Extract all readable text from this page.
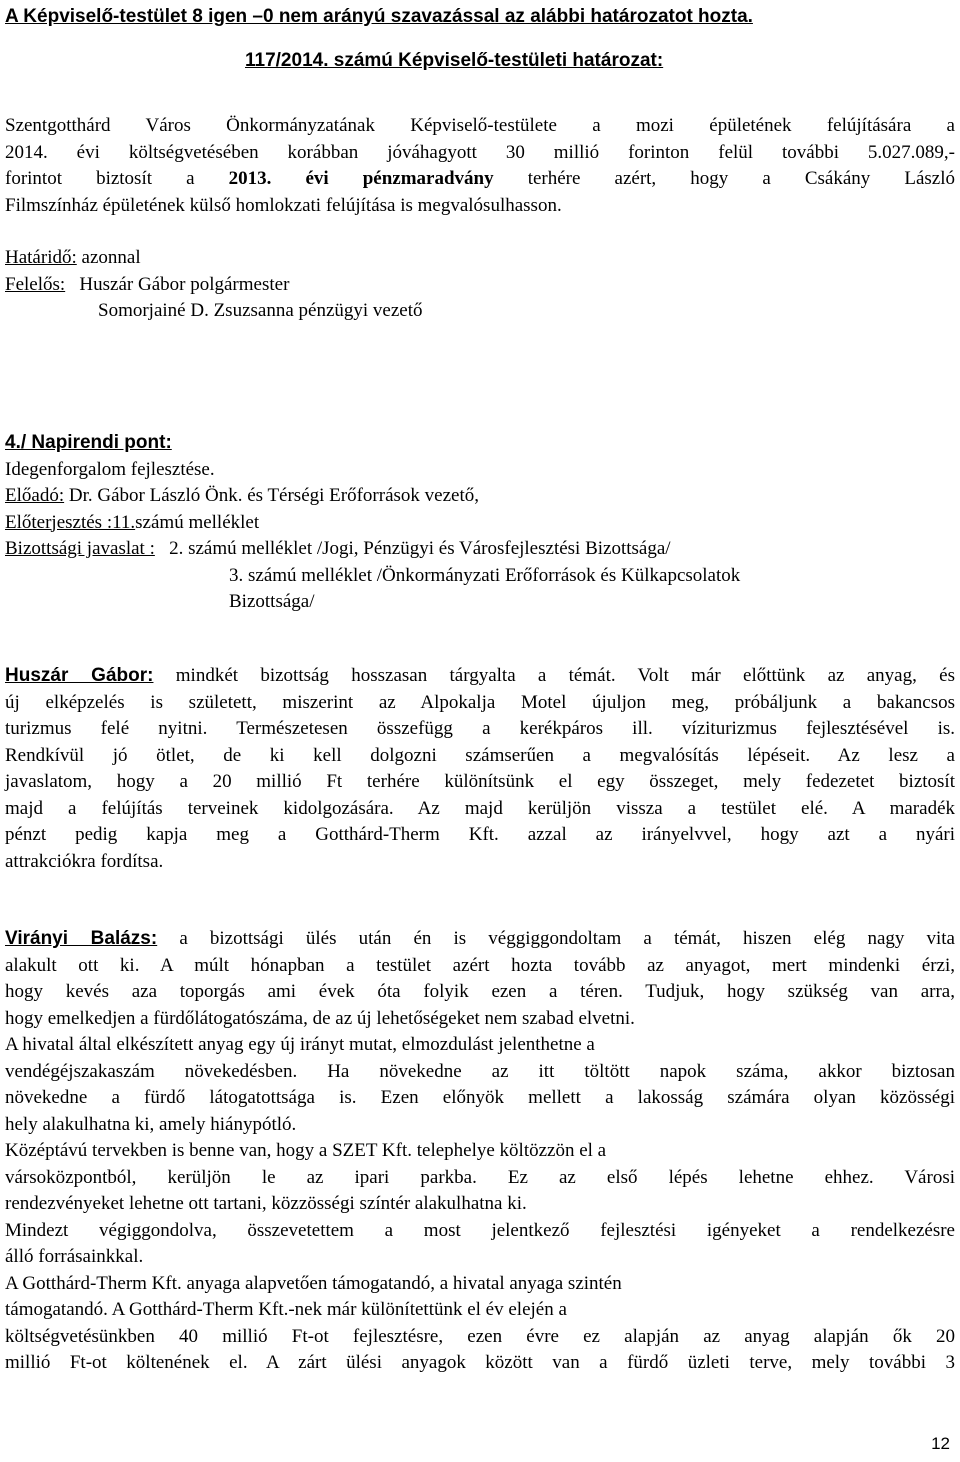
A Képviselő-testület 8 igen –0 nem arányú szavazással az alábbi határozatot hozta.

117/2014. számú Képviselő-testületi határozat:

Szentgotthárd Város Önkormányzatának Képviselő-testülete a mozi épületének felújítására a
2014. évi költségvetésében korábban jóváhagyott 30 millió forinton felül további 5.027.089,-
forintot biztosít a 2013. évi pénzmaradvány terhére azért, hogy a Csákány László
Filmszínház épületének külső homlokzati felújítása is megvalósulhasson.
Határidő: azonnal
Felelős: Huszár Gábor polgármester
Somorjainé D. Zsuzsanna pénzügyi vezető
4./ Napirendi pont:
Idegenforgalom fejlesztése.
Előadó: Dr. Gábor László Önk. és Térségi Erőforrások vezető,
Előterjesztés :11.számú melléklet
Bizottsági javaslat : 2. számú melléklet /Jogi, Pénzügyi és Városfejlesztési Bizottsága/
3. számú melléklet /Önkormányzati Erőforrások és Külkapcsolatok
Bizottsága/
Huszár Gábor: mindkét bizottság hosszasan tárgyalta a témát. Volt már előttünk az anyag, és
új elképzelés is született, miszerint az Alpokalja Motel újuljon meg, próbáljunk a bakancsos
turizmus felé nyitni. Természetesen összefügg a kerékpáros ill. víziturizmus fejlesztésével is.
Rendkívül jó ötlet, de ki kell dolgozni számserűen a megvalósítás lépéseit. Az lesz a
javaslatom, hogy a 20 millió Ft terhére különítsünk el egy összeget, mely fedezetet biztosít
majd a felújítás terveinek kidolgozására. Az majd kerüljön vissza a testület elé. A maradék
pénzt pedig kapja meg a Gotthárd-Therm Kft. azzal az irányelvvel, hogy azt a nyári
attrakciókra fordítsa.
Virányi Balázs: a bizottsági ülés után én is véggiggondoltam a témát, hiszen elég nagy vita
alakult ott ki. A múlt hónapban a testület azért hozta tovább az anyagot, mert mindenki érzi,
hogy kevés aza toporgás ami évek óta folyik ezen a téren. Tudjuk, hogy szükség van arra,
hogy emelkedjen a fürdőlátogatószáma, de az új lehetőségeket nem szabad elvetni.
A hivatal által elkészített anyag egy új irányt mutat, elmozdulást jelenthetne a
vendégéjszakaszám növekedésben. Ha növekedne az itt töltött napok száma, akkor biztosan
növekedne a fürdő látogatottsága is. Ezen előnyök mellett a lakosság számára olyan közösségi
hely alakulhatna ki, amely hiánypótló.
Középtávú tervekben is benne van, hogy a SZET Kft. telephelye költözzön el a
vársoközpontból, kerüljön le az ipari parkba. Ez az első lépés lehetne ehhez. Városi
rendezvényeket lehetne ott tartani, közzösségi színtér alakulhatna ki.
Mindezt végiggondolva, összevetettem a most jelentkező fejlesztési igényeket a rendelkezésre
álló forrásainkkal.
A Gotthárd-Therm Kft. anyaga alapvetően támogatandó, a hivatal anyaga szintén
támogatandó. A Gotthárd-Therm Kft.-nek már különítettünk el év elején a
költségvetésünkben 40 millió Ft-ot fejlesztésre, ezen évre ez alapján az anyag alapján ők 20
millió Ft-ot költenének el. A zárt ülési anyagok között van a fürdő üzleti terve, mely további 3
12
